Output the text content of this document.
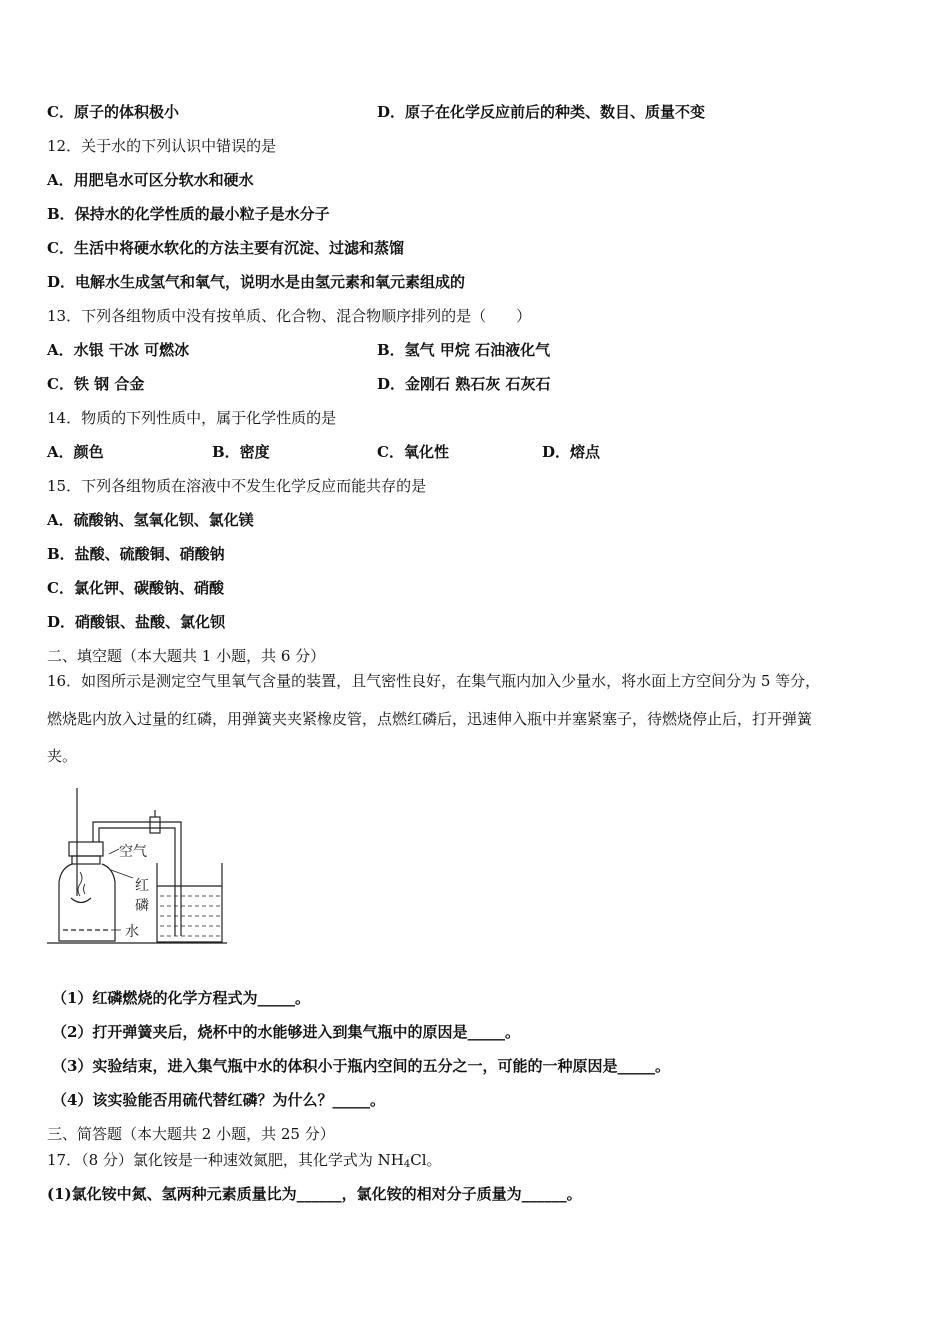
C．原子的体积极小	D．原子在化学反应前后的种类、数目、质量不变
12．关于水的下列认识中错误的是
A．用肥皂水可区分软水和硬水
B．保持水的化学性质的最小粒子是水分子
C．生活中将硬水软化的方法主要有沉淀、过滤和蒸馏
D．电解水生成氢气和氧气，说明水是由氢元素和氧元素组成的
13．下列各组物质中没有按单质、化合物、混合物顺序排列的是（　　）
A．水银 干冰 可燃冰	B．氢气 甲烷 石油液化气
C．铁 钢 合金	D．金刚石 熟石灰 石灰石
14．物质的下列性质中，属于化学性质的是
A．颜色	B．密度	C．氧化性	D．熔点
15．下列各组物质在溶液中不发生化学反应而能共存的是
A．硫酸钠、氢氧化钡、氯化镁
B．盐酸、硫酸铜、硝酸钠
C．氯化钾、碳酸钠、硝酸
D．硝酸银、盐酸、氯化钡
二、填空题（本大题共 1 小题，共 6 分）
16．如图所示是测定空气里氧气含量的装置，且气密性良好，在集气瓶内加入少量水，将水面上方空间分为 5 等分，
燃烧匙内放入过量的红磷，用弹簧夹夹紧橡皮管，点燃红磷后，迅速伸入瓶中并塞紧塞子，待燃烧停止后，打开弹簧
夹。
空气
红
磷
水
（1）红磷燃烧的化学方程式为_____。
（2）打开弹簧夹后，烧杯中的水能够进入到集气瓶中的原因是_____。
（3）实验结束，进入集气瓶中水的体积小于瓶内空间的五分之一，可能的一种原因是_____。
（4）该实验能否用硫代替红磷？为什么？_____。
三、简答题（本大题共 2 小题，共 25 分）
17．（8 分）氯化铵是一种速效氮肥，其化学式为 $NH_4Cl$。
(1)氯化铵中氮、氢两种元素质量比为______，氯化铵的相对分子质量为______。
